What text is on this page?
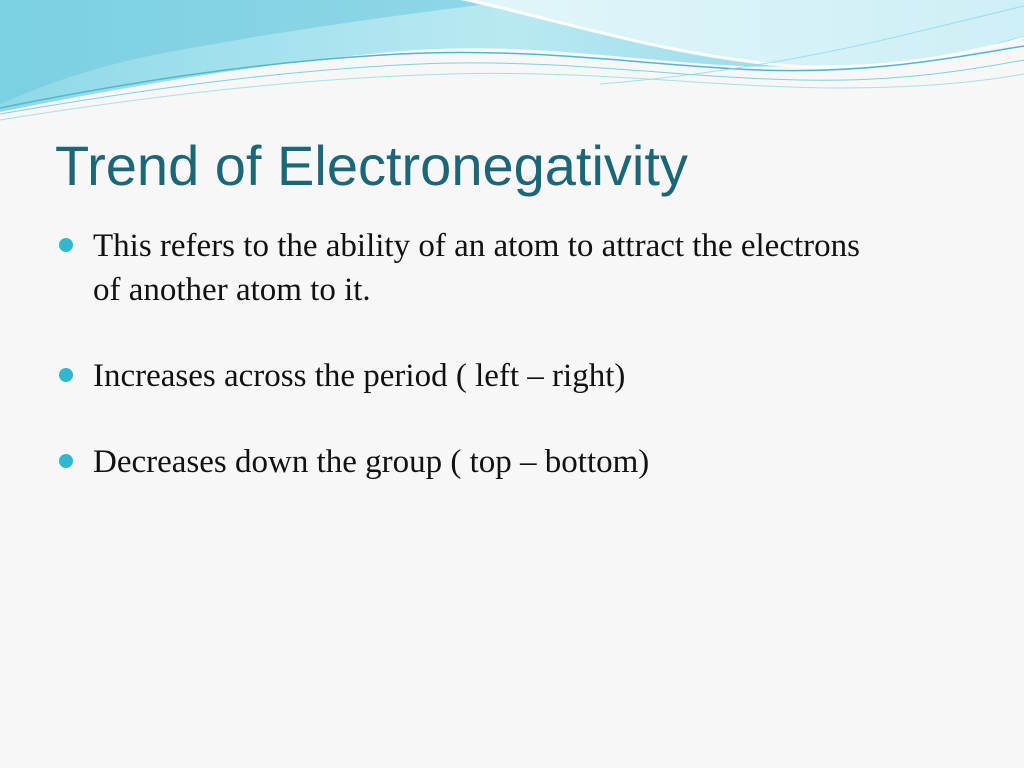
Trend of Electronegativity
This refers to the ability of an atom to attract the electrons of another atom to it.
Increases across the period ( left – right)
Decreases down the group ( top – bottom)
